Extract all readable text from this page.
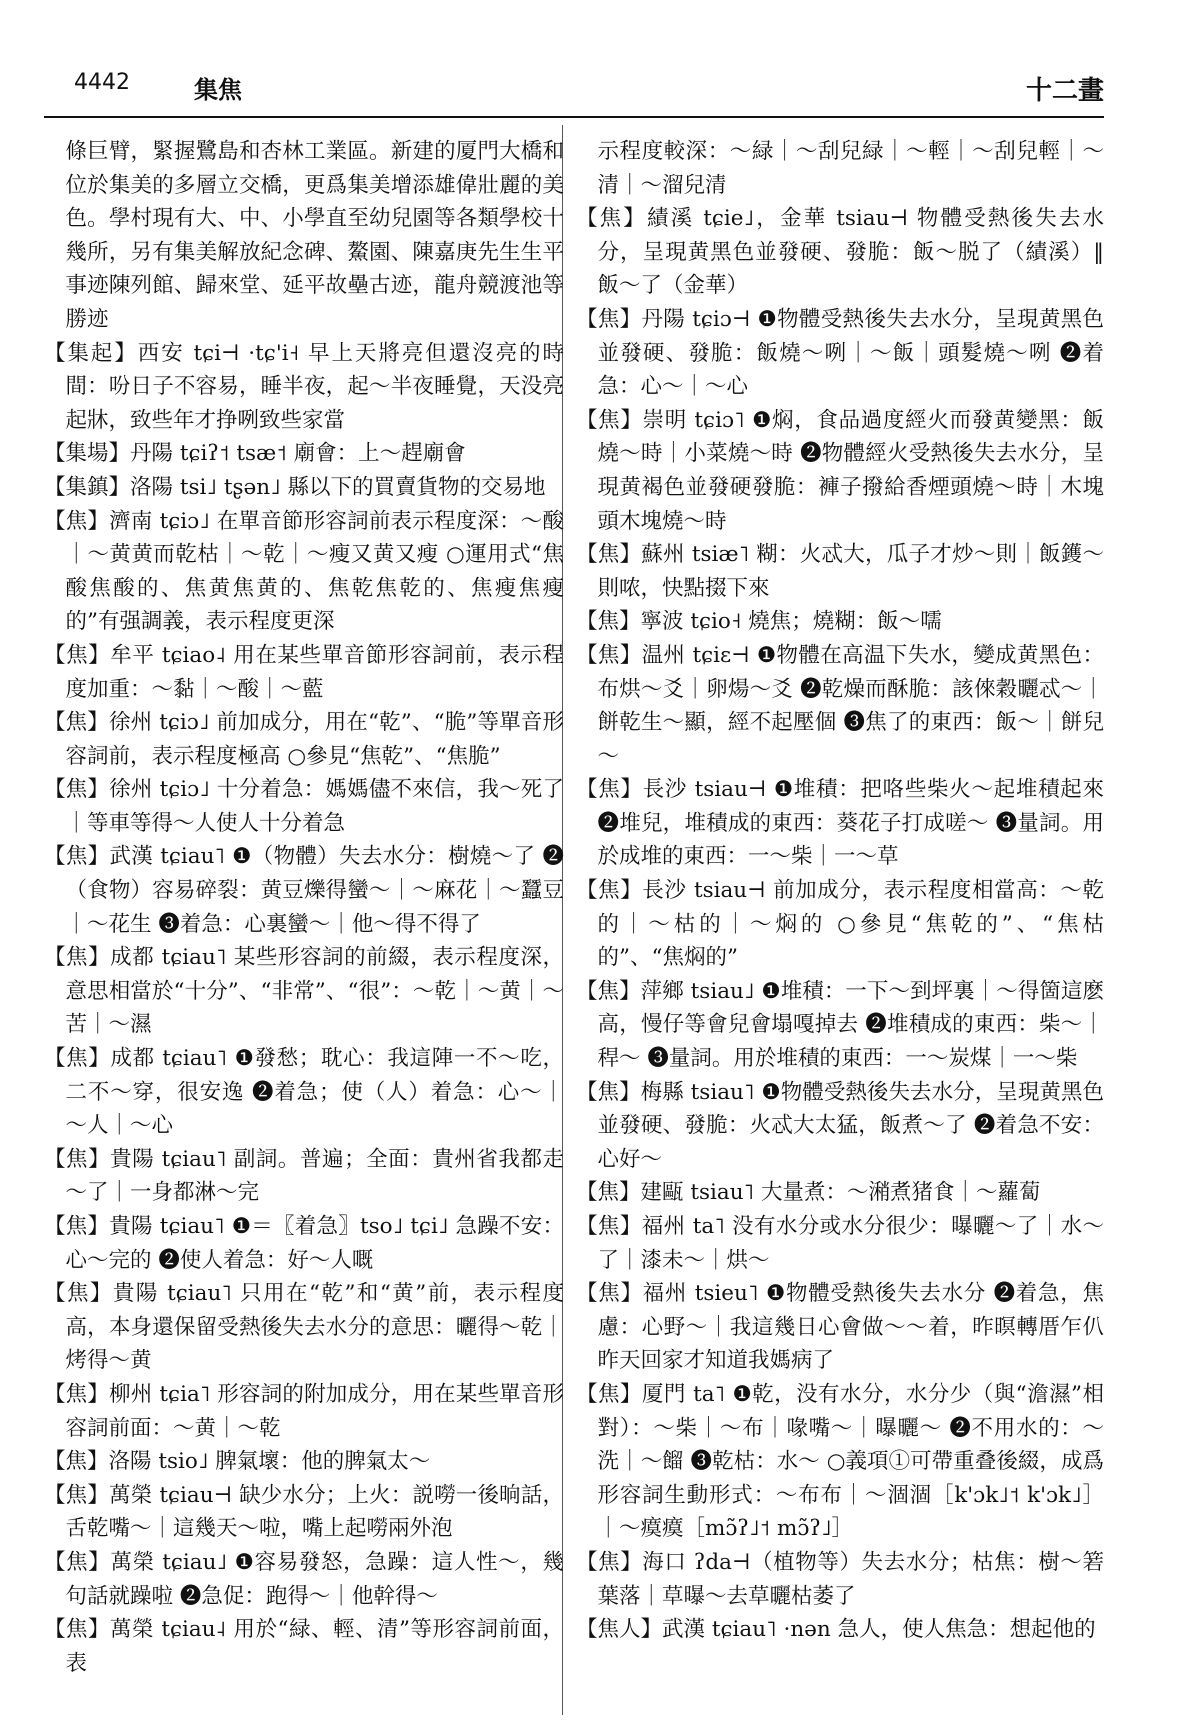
4442	集焦	十二畫

條巨臂，緊握鷺島和杏林工業區。新建的厦門大橋和位於集美的多層立交橋，更爲集美增添雄偉壯麗的美色。學村現有大、中、小學直至幼兒園等各類學校十幾所，另有集美解放紀念碑、鰲園、陳嘉庚先生生平事迹陳列館、歸來堂、延平故壘古迹，龍舟競渡池等勝迹

【集起】西安 tɕi⊣ ·tɕ'i˧ 早上天將亮但還沒亮的時間：吩日子不容易，睡半夜，起～半夜睡覺，天没亮起牀，致些年才挣咧致些家當

【集場】丹陽 tɕiʔ˦ tsæ˦ 廟會：上～趕廟會

【集鎮】洛陽 tsi˩ tʂən˩ 縣以下的買賣貨物的交易地

【焦】濟南 tɕiɔ˩ 在單音節形容詞前表示程度深：～酸｜～黄黄而乾枯｜～乾｜～瘦又黄又瘦 ○運用式“焦酸焦酸的、焦黄焦黄的、焦乾焦乾的、焦瘦焦瘦的”有强調義，表示程度更深

【焦】牟平 tɕiao˨ 用在某些單音節形容詞前，表示程度加重：～黏｜～酸｜～藍

【焦】徐州 tɕiɔ˩ 前加成分，用在“乾”、“脆”等單音形容詞前，表示程度極高 ○參見“焦乾”、“焦脆”

【焦】徐州 tɕiɔ˩ 十分着急：媽媽儘不來信，我～死了｜等車等得～人使人十分着急

【焦】武漢 tɕiau˥ ❶（物體）失去水分：樹燒～了 ❷（食物）容易碎裂：黄豆爍得蠻～｜～麻花｜～蠶豆｜～花生 ❸着急：心裏蠻～｜他～得不得了

【焦】成都 tɕiau˥ 某些形容詞的前綴，表示程度深，意思相當於“十分”、“非常”、“很”：～乾｜～黄｜～苦｜～濕

【焦】成都 tɕiau˥ ❶發愁；耽心：我這陣一不～吃，二不～穿，很安逸 ❷着急；使（人）着急：心～｜～人｜～心

【焦】貴陽 tɕiau˥ 副詞。普遍；全面：貴州省我都走～了｜一身都淋～完

【焦】貴陽 tɕiau˥ ❶＝〖着急〗tso˩ tɕi˩ 急躁不安：心～完的 ❷使人着急：好～人嘅

【焦】貴陽 tɕiau˥ 只用在“乾”和“黄”前，表示程度高，本身還保留受熱後失去水分的意思：曬得～乾｜烤得～黄

【焦】柳州 tɕia˥ 形容詞的附加成分，用在某些單音形容詞前面：～黄｜～乾

【焦】洛陽 tsio˩ 脾氣壞：他的脾氣太～

【焦】萬榮 tɕiau⊣ 缺少水分；上火：説嘮一後晌話，舌乾嘴～｜這幾天～啦，嘴上起嘮兩外泡

【焦】萬榮 tɕiau˩ ❶容易發怒，急躁：這人性～，幾句話就躁啦 ❷急促：跑得～｜他幹得～

【焦】萬榮 tɕiau˨ 用於“緑、輕、清”等形容詞前面，表

示程度較深：～緑｜～刮兒緑｜～輕｜～刮兒輕｜～清｜～溜兒清

【焦】績溪 tɕie˩，金華 tsiau⊣ 物體受熱後失去水分，呈現黄黑色並發硬、發脆：飯～脱了（績溪）‖ 飯～了（金華）

【焦】丹陽 tɕiɔ⊣ ❶物體受熱後失去水分，呈現黄黑色並發硬、發脆：飯燒～咧｜～飯｜頭髮燒～咧 ❷着急：心～｜～心

【焦】崇明 tɕiɔ˥ ❶焖，食品過度經火而發黄變黑：飯燒～時｜小菜燒～時 ❷物體經火受熱後失去水分，呈現黄褐色並發硬發脆：褲子撥給香煙頭燒～時｜木塊頭木塊燒～時

【焦】蘇州 tsiæ˥ 糊：火忒大，瓜子才炒～則｜飯鑊～則哝，快點掇下來

【焦】寧波 tɕio˧ 燒焦；燒糊：飯～嚅

【焦】温州 tɕiɛ⊣ ❶物體在高温下失水，變成黄黑色：布烘～爻｜卵煬～爻 ❷乾燥而酥脆：該倈穀曬忒～｜餅乾生～顯，經不起壓個 ❸焦了的東西：飯～｜餅兒～

【焦】長沙 tsiau⊣ ❶堆積：把咯些柴火～起堆積起來 ❷堆兒，堆積成的東西：葵花子打成嗟～ ❸量詞。用於成堆的東西：一～柴｜一～草

【焦】長沙 tsiau⊣ 前加成分，表示程度相當高：～乾的｜～枯的｜～焖的 ○參見“焦乾的”、“焦枯的”、“焦焖的”

【焦】萍鄉 tsiau˩ ❶堆積：一下～到坪裏｜～得箇這麽高，慢仔等會兒會塌嘎掉去 ❷堆積成的東西：柴～｜稈～ ❸量詞。用於堆積的東西：一～炭煤｜一～柴

【焦】梅縣 tsiau˥ ❶物體受熱後失去水分，呈現黄黑色並發硬、發脆：火忒大太猛，飯煮～了 ❷着急不安：心好～

【焦】建甌 tsiau˥ 大量煮：～潲煮猪食｜～蘿蔔

【焦】福州 ta˥ 没有水分或水分很少：曝曬～了｜水～了｜漆未～｜烘～

【焦】福州 tsieu˥ ❶物體受熱後失去水分 ❷着急，焦慮：心野～｜我這幾日心會做～～着，昨暝轉厝乍仈昨天回家才知道我媽病了

【焦】厦門 ta˥ ❶乾，没有水分，水分少（與“澹濕”相對）：～柴｜～布｜喙嘴～｜曝曬～ ❷不用水的：～洗｜～餾 ❸乾枯：水～ ○義項①可帶重叠後綴，成爲形容詞生動形式：～布布｜～涸涸［k'ɔk˩˦ k'ɔk˩］｜～瘼瘼［mɔ̃ʔ˩˦ mɔ̃ʔ˩］

【焦】海口 ʔda⊣（植物等）失去水分；枯焦：樹～箬葉落｜草曝～去草曬枯萎了

【焦人】武漢 tɕiau˥ ·nən 急人，使人焦急：想起他的
